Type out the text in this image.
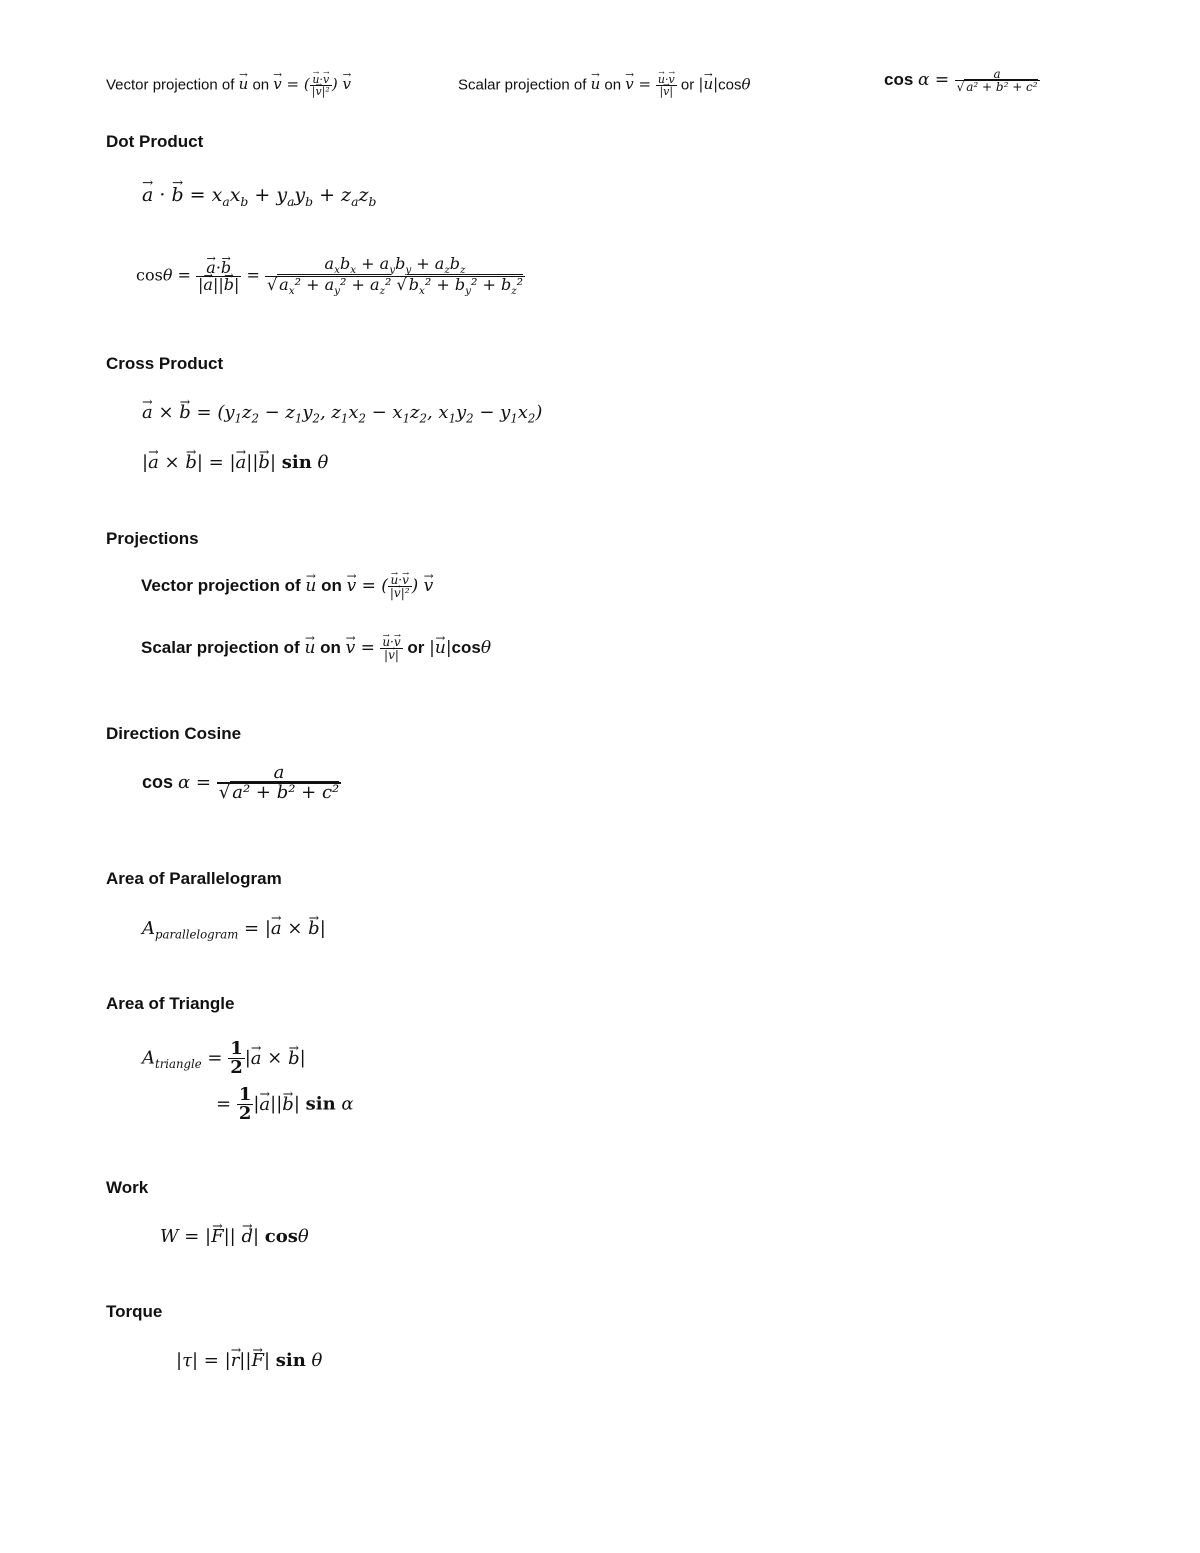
Vector projection of → u on → v = ( → $\frac{u\cdot\to v}{\text{|→ v|²}}$ ) → v	Scalar projection of → u on → v = → $\frac{u\cdot\to v}{|\to v|}$ or |→ u|cosθ	$\cos \alpha = \frac{a}{\text{√ a² + b² + c²}}$
Dot Product
→ a · → $b = x_ax_b + y_ay_b + z_az_b$
cosθ = → $\frac{a\cdot\to b}{|\to a||\to b|} = \frac{a_xb_x + a_yb_y + a_zb_z}{√ a_x^2 + a_y^2 + a_z^2 √ b_x^2 + b_y^2 + b_z^2}$
Cross Product
→ a × → $b = (y_1z_2 - z_1y_2$, $z_1x_2 - x_1z_2$, $x_1y_2 - y_1x_2$)
|→ a × → b| = |→ a||→ b| sin θ
Projections
Vector projection of → u on → v = ( → $\frac{u\cdot\to v}{\text{|→ v|²}}$ ) → v
Scalar projection of → u on → v = → $\frac{u\cdot\to v}{|\to v|}$ or |→ u|cosθ
Direction Cosine
$\cos \alpha = \frac{a}{\text{√ a² + b² + c²}}$
Area of Parallelogram
$A_{parallelogram}$ = |→ a × → b|
Area of Triangle
$A_{triangle} = \frac{1}{2}$ |→ a × → b|
= $\frac{1}{2}$ |→ a||→ b| sin α
Work
W = |→ F|| → d| cosθ
Torque
|τ| = |→ r||→ F| sin θ
